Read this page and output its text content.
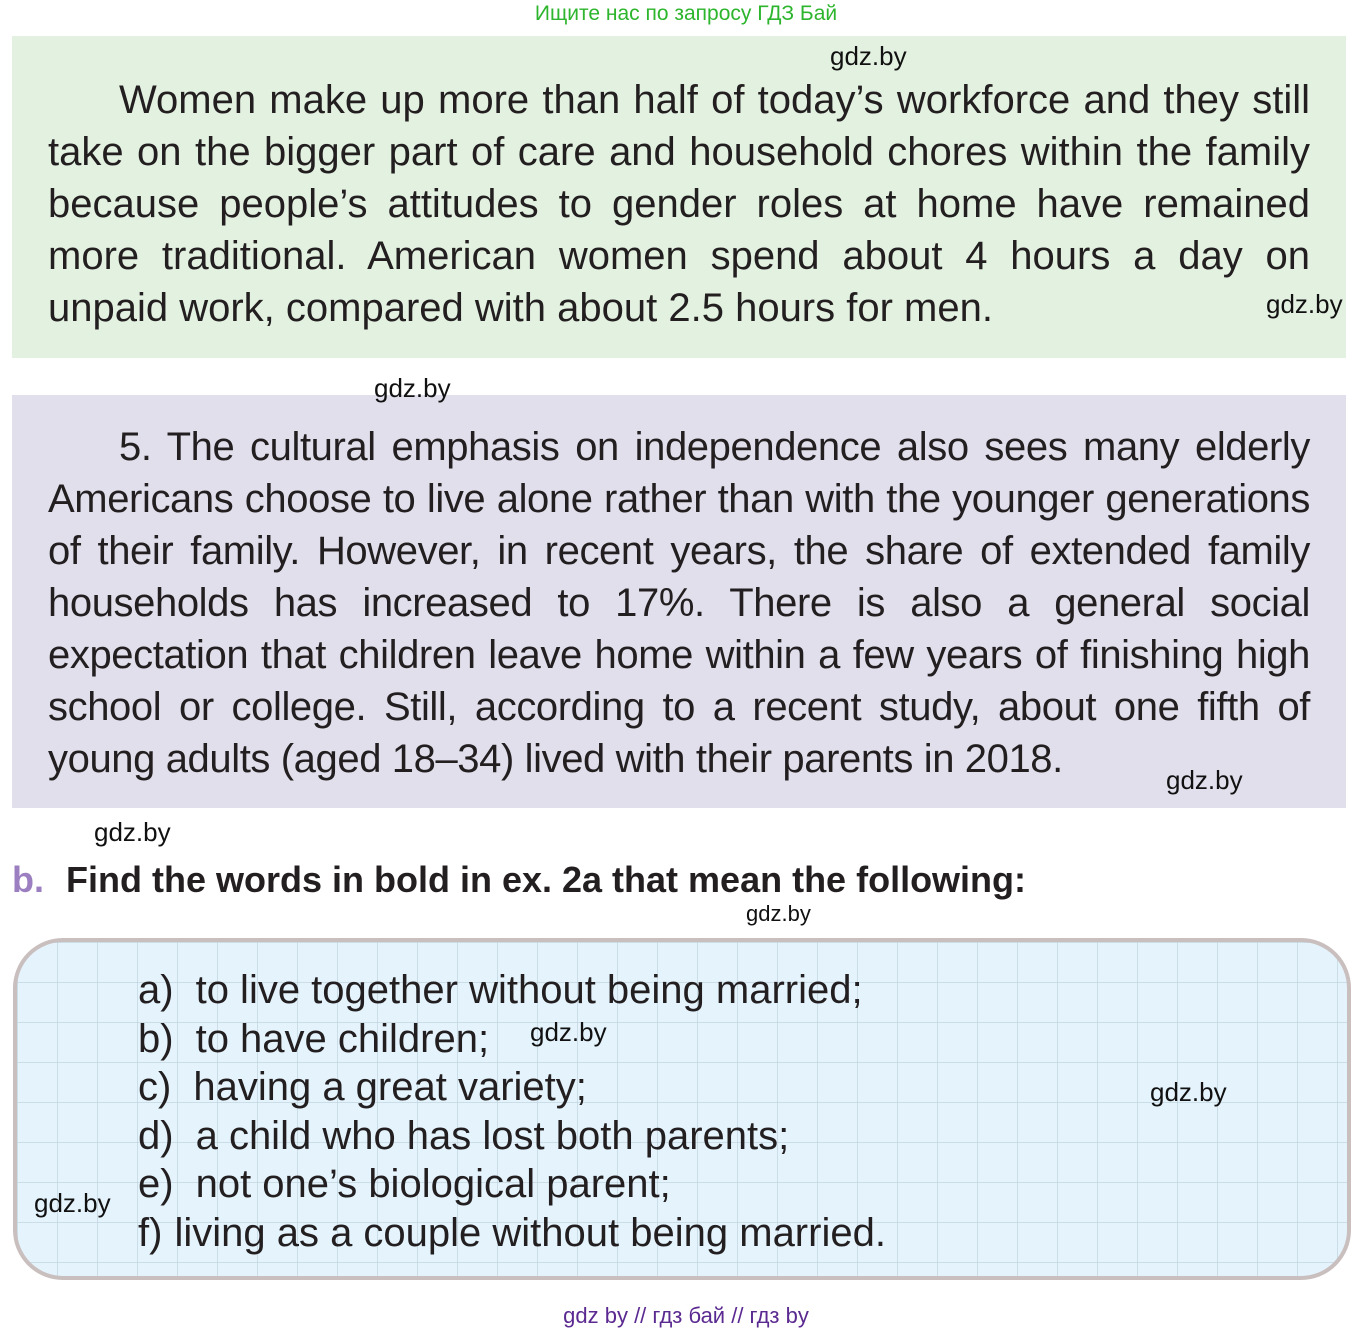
Ищите нас по запросу ГДЗ Бай
Women make up more than half of today’s workforce and they still take on the bigger part of care and household chores within the family because people’s attitudes to gender roles at home have remained more traditional. American women spend about 4 hours a day on unpaid work, compared with about 2.5 hours for men.
5. The cultural emphasis on independence also sees many elderly Americans choose to live alone rather than with the younger generations of their family. However, in recent years, the share of extended family households has increased to 17%. There is also a general social expectation that children leave home within a few years of finishing high school or college. Still, according to a recent study, about one fifth of young adults (aged 18–34) lived with their parents in 2018.
b. Find the words in bold in ex. 2a that mean the following:
a) to live together without being married;
b) to have children;
c) having a great variety;
d) a child who has lost both parents;
e) not one’s biological parent;
f) living as a couple without being married.
gdz.by
gdz.by
gdz.by
gdz.by
gdz.by
gdz.by
gdz.by
gdz.by
gdz.by
gdz by // гдз бай // гдз by
